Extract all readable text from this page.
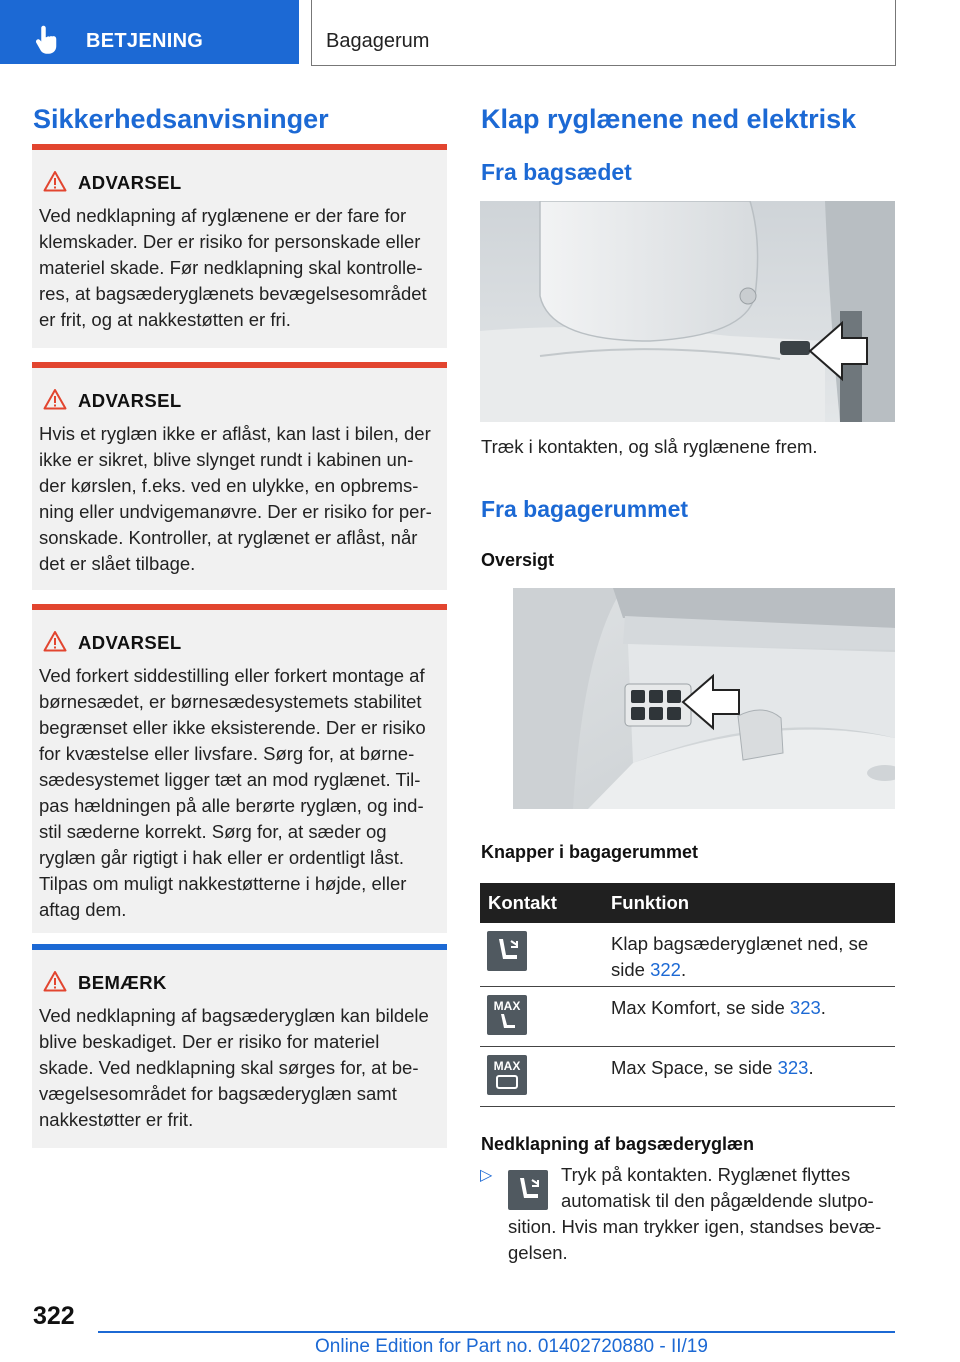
BETJENING	Bagagerum
Sikkerhedsanvisninger
ADVARSEL
Ved nedklapning af ryglænene er der fare for
klemskader. Der er risiko for personskade eller
materiel skade. Før nedklapning skal kontrolle-
res, at bagsæderyglænets bevægelsesområdet
er frit, og at nakkestøtten er fri.
ADVARSEL
Hvis et ryglæn ikke er aflåst, kan last i bilen, der
ikke er sikret, blive slynget rundt i kabinen un-
der kørslen, f.eks. ved en ulykke, en opbrems-
ning eller undvigemanøvre. Der er risiko for per-
sonskade. Kontroller, at ryglænet er aflåst, når
det er slået tilbage.
ADVARSEL
Ved forkert siddestilling eller forkert montage af
børnesædet, er børnesædesystemets stabilitet
begrænset eller ikke eksisterende. Der er risiko
for kvæstelse eller livsfare. Sørg for, at børne-
sædesystemet ligger tæt an mod ryglænet. Til-
pas hældningen på alle berørte ryglæn, og ind-
stil sæderne korrekt. Sørg for, at sæder og
ryglæn går rigtigt i hak eller er ordentligt låst.
Tilpas om muligt nakkestøtterne i højde, eller
aftag dem.
BEMÆRK
Ved nedklapning af bagsæderyglæn kan bildele
blive beskadiget. Der er risiko for materiel
skade. Ved nedklapning skal sørges for, at be-
vægelsesområdet for bagsæderyglæn samt
nakkestøtter er frit.
Klap ryglænene ned elektrisk
Fra bagsædet
Træk i kontakten, og slå ryglænene frem.
Fra bagagerummet
Oversigt
Knapper i bagagerummet
Kontakt	Funktion
Klap bagsæderyglænet ned, se
side 322.
MAX	Max Komfort, se side 323.
MAX	Max Space, se side 323.
Nedklapning af bagsæderyglæn
▷	Tryk på kontakten. Ryglænet flyttes
automatisk til den pågældende slutpo-
sition. Hvis man trykker igen, standses bevæ-
gelsen.
322
Online Edition for Part no. 01402720880 - II/19
